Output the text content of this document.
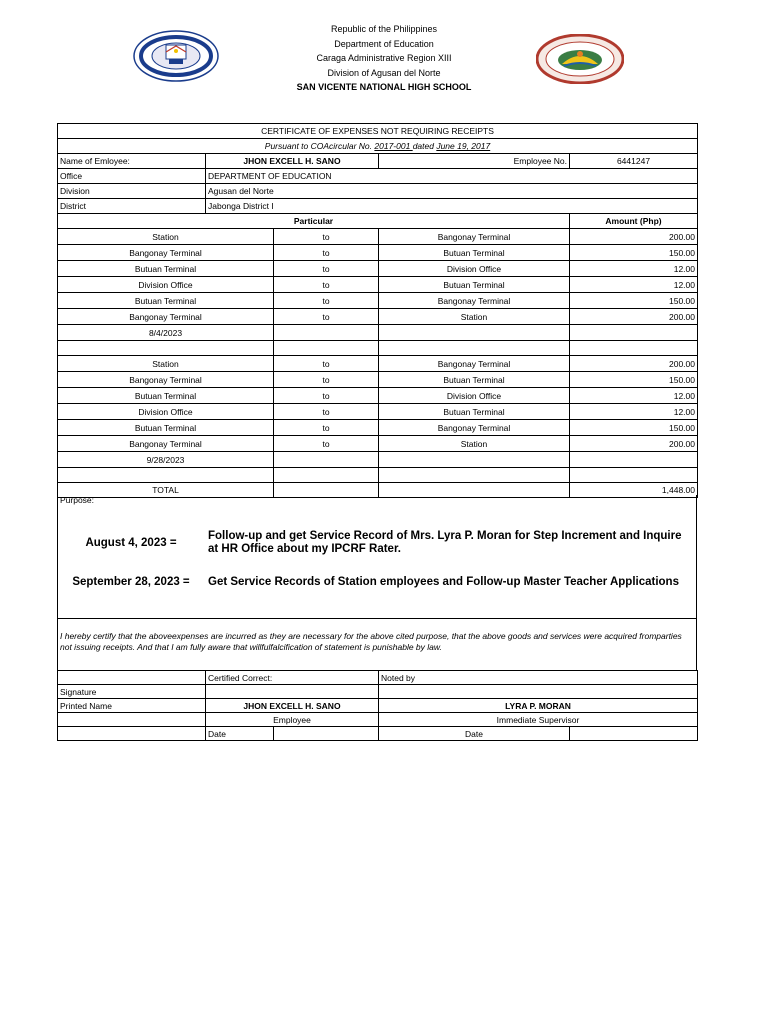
Republic of the Philippines
Department of Education
Caraga Administrative Region XIII
Division of Agusan del Norte
SAN VICENTE NATIONAL HIGH SCHOOL
CERTIFICATE OF EXPENSES NOT REQUIRING RECEIPTS				
Pursuant to COAcircular No. 2017-001 dated June 19, 2017				
Name of Emloyee:	JHON EXCELL H. SANO		Employee No.	6441247
Office	DEPARTMENT OF EDUCATION			
Division	Agusan del Norte			
District	Jabonga District I			
Particular				Amount (Php)
Station		to	Bangonay Terminal	200.00
Bangonay Terminal		to	Butuan Terminal	150.00
Butuan Terminal		to	Division Office	12.00
Division Office		to	Butuan Terminal	12.00
Butuan Terminal		to	Bangonay Terminal	150.00
Bangonay Terminal		to	Station	200.00
8/4/2023				

Station		to	Bangonay Terminal	200.00
Bangonay Terminal		to	Butuan Terminal	150.00
Butuan Terminal		to	Division Office	12.00
Division Office		to	Butuan Terminal	12.00
Butuan Terminal		to	Bangonay Terminal	150.00
Bangonay Terminal		to	Station	200.00
9/28/2023				

TOTAL				1,448.00
Purpose:
August 4, 2023 =
Follow-up and get Service Record of Mrs. Lyra P. Moran for Step Increment and Inquire at HR Office about my IPCRF Rater.
September 28, 2023 =	Get Service Records of Station employees and Follow-up Master Teacher Applications
I hereby certify that the aboveexpenses are incurred as they are necessary for the above cited purpose, that the above goods and services were acquired fromparties not issuing receipts. And that I am fully aware that willfulfalcification of statement is punishable by law.
	Certified Correct:		Noted by	
Signature				
Printed Name	JHON EXCELL H. SANO		LYRA P. MORAN	
	Employee		Immediate Supervisor	
	Date		Date	
